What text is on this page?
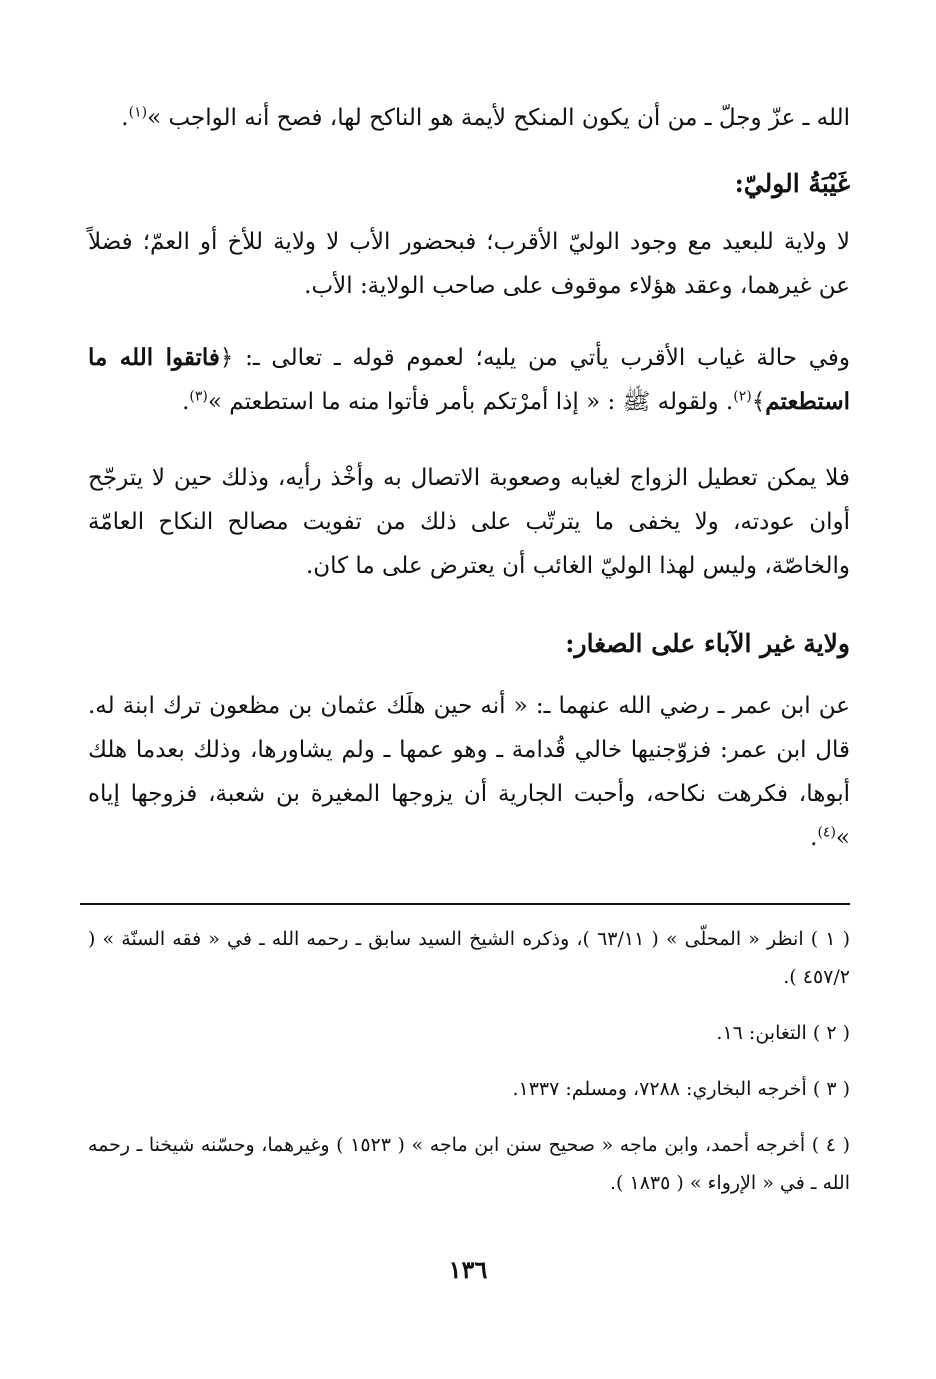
الله ـ عزّ وجلّ ـ من أن يكون المنكح لأيمة هو الناكح لها، فصح أنه الواجب »$^{(١)}$.

غَيْبَةُ الوليّ:

لا ولاية للبعيد مع وجود الوليّ الأقرب؛ فبحضور الأب لا ولاية للأخ أو العمّ؛ فضلاً عن غيرهما، وعقد هؤلاء موقوف على صاحب الولاية: الأب.

وفي حالة غياب الأقرب يأتي من يليه؛ لعموم قوله ـ تعالى ـ: ﴿فاتقوا الله ما استطعتم﴾$^{(٢)}$. ولقوله ﷺ : « إذا أمرْتكم بأمر فأتوا منه ما استطعتم »$^{(٣)}$.

فلا يمكن تعطيل الزواج لغيابه وصعوبة الاتصال به وأخْذ رأيه، وذلك حين لا يترجّح أوان عودته، ولا يخفى ما يترتّب على ذلك من تفويت مصالح النكاح العامّة والخاصّة، وليس لهذا الوليّ الغائب أن يعترض على ما كان.

ولاية غير الآباء على الصغار:

عن ابن عمر ـ رضي الله عنهما ـ: « أنه حين هلَك عثمان بن مظعون ترك ابنة له. قال ابن عمر: فزوّجنيها خالي قُدامة ـ وهو عمها ـ ولم يشاورها، وذلك بعدما هلك أبوها، فكرهت نكاحه، وأحبت الجارية أن يزوجها المغيرة بن شعبة، فزوجها إياه »$^{(٤)}$.

( ١ ) انظر « المحلّى » ( ٦٣/١١ )، وذكره الشيخ السيد سابق ـ رحمه الله ـ في « فقه السنّة » ( ٤٥٧/٢ ).

( ٢ ) التغابن: ١٦.

( ٣ ) أخرجه البخاري: ٧٢٨٨، ومسلم: ١٣٣٧.

( ٤ ) أخرجه أحمد، وابن ماجه « صحيح سنن ابن ماجه » ( ١٥٢٣ ) وغيرهما، وحسّنه شيخنا ـ رحمه الله ـ في « الإرواء » ( ١٨٣٥ ).

١٣٦
